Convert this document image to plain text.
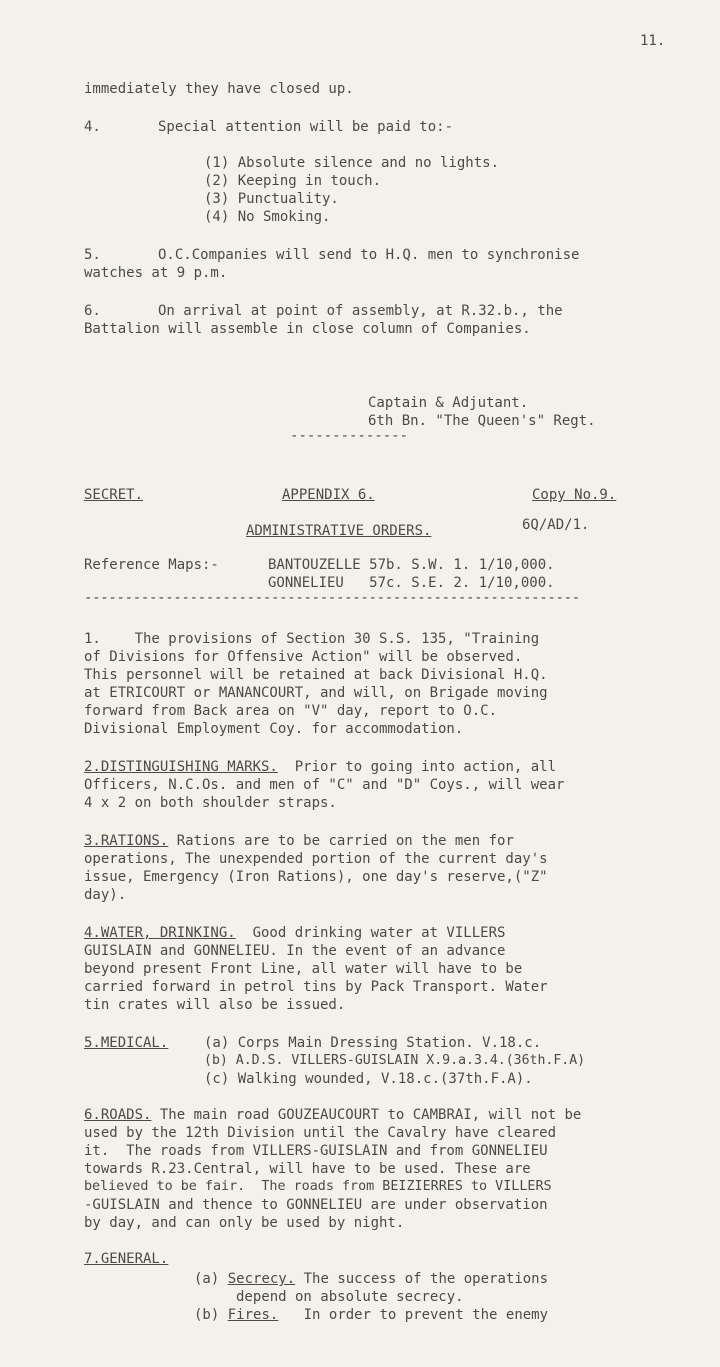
11.
immediately they have closed up.
4.	Special attention will be paid to:-
(1) Absolute silence and no lights.
(2) Keeping in touch.
(3) Punctuality.
(4) No Smoking.
5.	O.C.Companies will send to H.Q. men to synchronise
watches at 9 p.m.
6.	On arrival at point of assembly, at R.32.b., the
Battalion will assemble in close column of Companies.
Captain & Adjutant.
6th Bn. "The Queen's" Regt.
--------------
SECRET.	APPENDIX 6.	Copy No.9.
ADMINISTRATIVE ORDERS.	6Q/AD/1.
Reference Maps:-	BANTOUZELLE 57b. S.W. 1. 1/10,000.
GONNELIEU   57c. S.E. 2. 1/10,000.
-------------------------------------------------------------
1.    The provisions of Section 30 S.S. 135, "Training
of Divisions for Offensive Action" will be observed.
This personnel will be retained at back Divisional H.Q.
at ETRICOURT or MANANCOURT, and will, on Brigade moving
forward from Back area on "V" day, report to O.C.
Divisional Employment Coy. for accommodation.
2.DISTINGUISHING MARKS.  Prior to going into action, all
Officers, N.C.Os. and men of "C" and "D" Coys., will wear
4 x 2 on both shoulder straps.
3.RATIONS. Rations are to be carried on the men for
operations, The unexpended portion of the current day's
issue, Emergency (Iron Rations), one day's reserve,("Z"
day).
4.WATER, DRINKING.  Good drinking water at VILLERS
GUISLAIN and GONNELIEU. In the event of an advance
beyond present Front Line, all water will have to be
carried forward in petrol tins by Pack Transport. Water
tin crates will also be issued.
5.MEDICAL.	(a) Corps Main Dressing Station. V.18.c.
(b) A.D.S. VILLERS-GUISLAIN X.9.a.3.4.(36th.F.A)
(c) Walking wounded, V.18.c.(37th.F.A).
6.ROADS. The main road GOUZEAUCOURT to CAMBRAI, will not be
used by the 12th Division until the Cavalry have cleared
it.  The roads from VILLERS-GUISLAIN and from GONNELIEU
towards R.23.Central, will have to be used. These are
believed to be fair.  The roads from BEIZIERRES to VILLERS
-GUISLAIN and thence to GONNELIEU are under observation
by day, and can only be used by night.
7.GENERAL.
(a) Secrecy. The success of the operations
depend on absolute secrecy.
(b) Fires.   In order to prevent the enemy
